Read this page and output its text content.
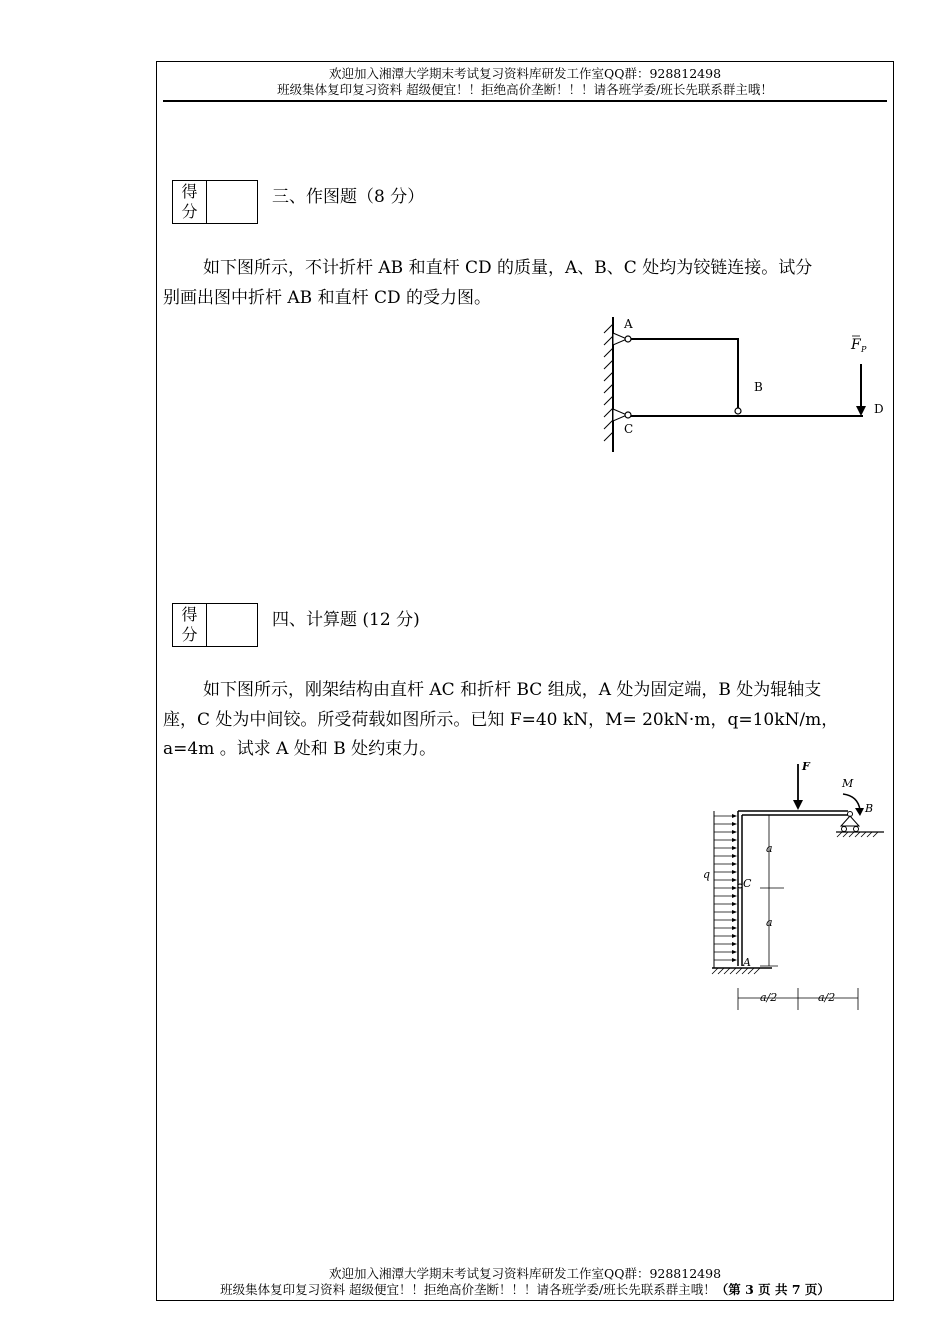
欢迎加入湘潭大学期末考试复习资料库研发工作室QQ群：928812498
班级集体复印复习资料 超级便宜！！拒绝高价垄断！！！请各班学委/班长先联系群主哦！
得
分
三、作图题（8 分）
如下图所示，不计折杆 AB 和直杆 CD 的质量，A、B、C 处均为铰链连接。试分
别画出图中折杆 AB 和直杆 CD 的受力图。
A
B
C
D
F P
得
分
四、计算题 (12 分)
如下图所示，刚架结构由直杆 AC 和折杆 BC 组成，A 处为固定端，B 处为辊轴支
座，C 处为中间铰。所受荷载如图所示。已知 F=40 kN，M= 20kN·m，q=10kN/m，
a=4m 。试求 A 处和 B 处约束力。
F
M
B
C
A
q
a
a
a/2	a/2
欢迎加入湘潭大学期末考试复习资料库研发工作室QQ群：928812498
班级集体复印复习资料 超级便宜！！拒绝高价垄断！！！请各班学委/班长先联系群主哦！（第 3 页 共 7 页）
